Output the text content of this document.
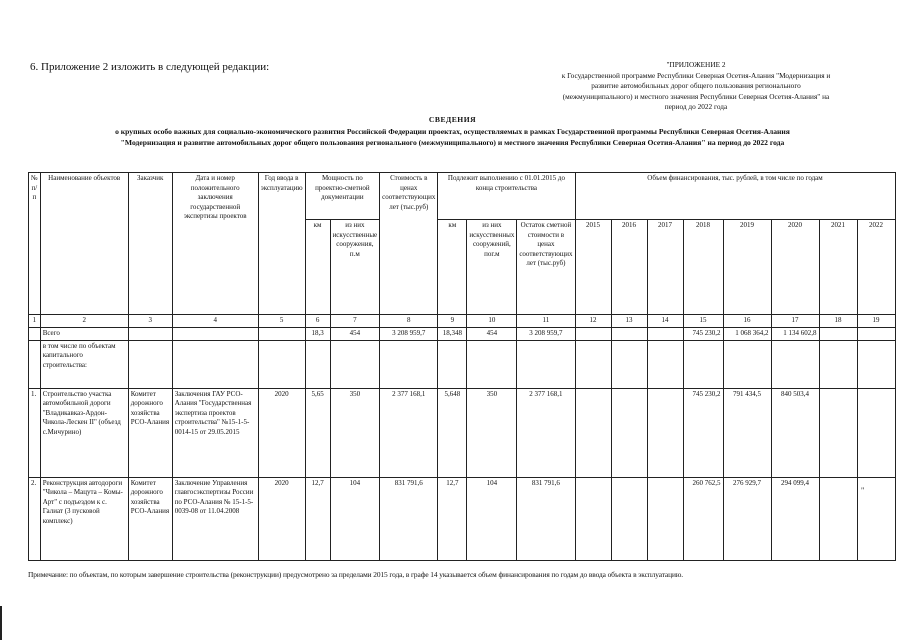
6. Приложение 2 изложить в следующей редакции:	"ПРИЛОЖЕНИЕ 2
к Государственной программе Республики Северная Осетия-Алания "Модернизация и
развитие автомобильных дорог общего пользования регионального
(межмуниципального) и местного значения Республики Северная Осетия-Алания" на
период до 2022 года
СВЕДЕНИЯ
о крупных особо важных для социально-экономического развития Российской Федерации проектах, осуществляемых в рамках Государственной программы Республики Северная Осетия-Алания
"Модернизация и развитие автомобильных дорог общего пользования регионального (межмуниципального) и местного значения Республики Северная Осетия-Алания" на период до 2022 года
№ п/ п	Наименование объектов	Заказчик	Дата и номер положительного заключения государственной экспертизы проектов	Год ввода в эксплуатацию	Мощность по проектно-сметной документации		Стоимость в ценах соответствующих лет (тыс.руб)	Подлежит выполнению с 01.01.2015 до конца строительства			Объем финансирования, тыс. рублей, в том числе по годам							
					км	из них искусственные сооружения, п.м		км	из них искусственных сооружений, пог.м	Остаток сметной стоимости в ценах соответствующих лет (тыс.руб)	2015	2016	2017	2018	2019	2020	2021	2022
1	2	3	4	5	6	7	8	9	10	11	12	13	14	15	16	17	18	19
	Всего				18,3	454	3 208 959,7	18,348	454	3 208 959,7				745 230,2	1 068 364,2	1 134 602,8		
	в том числе по объектам капитального строительства:																	
1.	Строительство участка автомобильной дороги "Владикавказ-Ардон-Чикола-Лескен II" (объезд с.Мичурино)	Комитет дорожного хозяйства РСО-Алания	Заключения ГАУ РСО-Алания "Государственная экспертиза проектов строительства" №15-1-5-0014-15 от 29.05.2015	2020	5,65	350	2 377 168,1	5,648	350	2 377 168,1				745 230,2	791 434,5	840 503,4		
2.	Реконструкция автодороги "Чикола – Мацута – Комы-Арт" с подъездом к с. Галиат (3 пусковой комплекс)	Комитет дорожного хозяйства РСО-Алания	Заключение Управления главгосэкспертизы России по РСО-Алания № 15-1-5-0039-08 от 11.04.2008	2020	12,7	104	831 791,6	12,7	104	831 791,6				260 762,5	276 929,7	294 099,4		
"
Примечание: по объектам, по которым завершение строительства (реконструкции) предусмотрено за пределами 2015 года, в графе 14 указывается объем финансирования по годам до ввода объекта в эксплуатацию.
